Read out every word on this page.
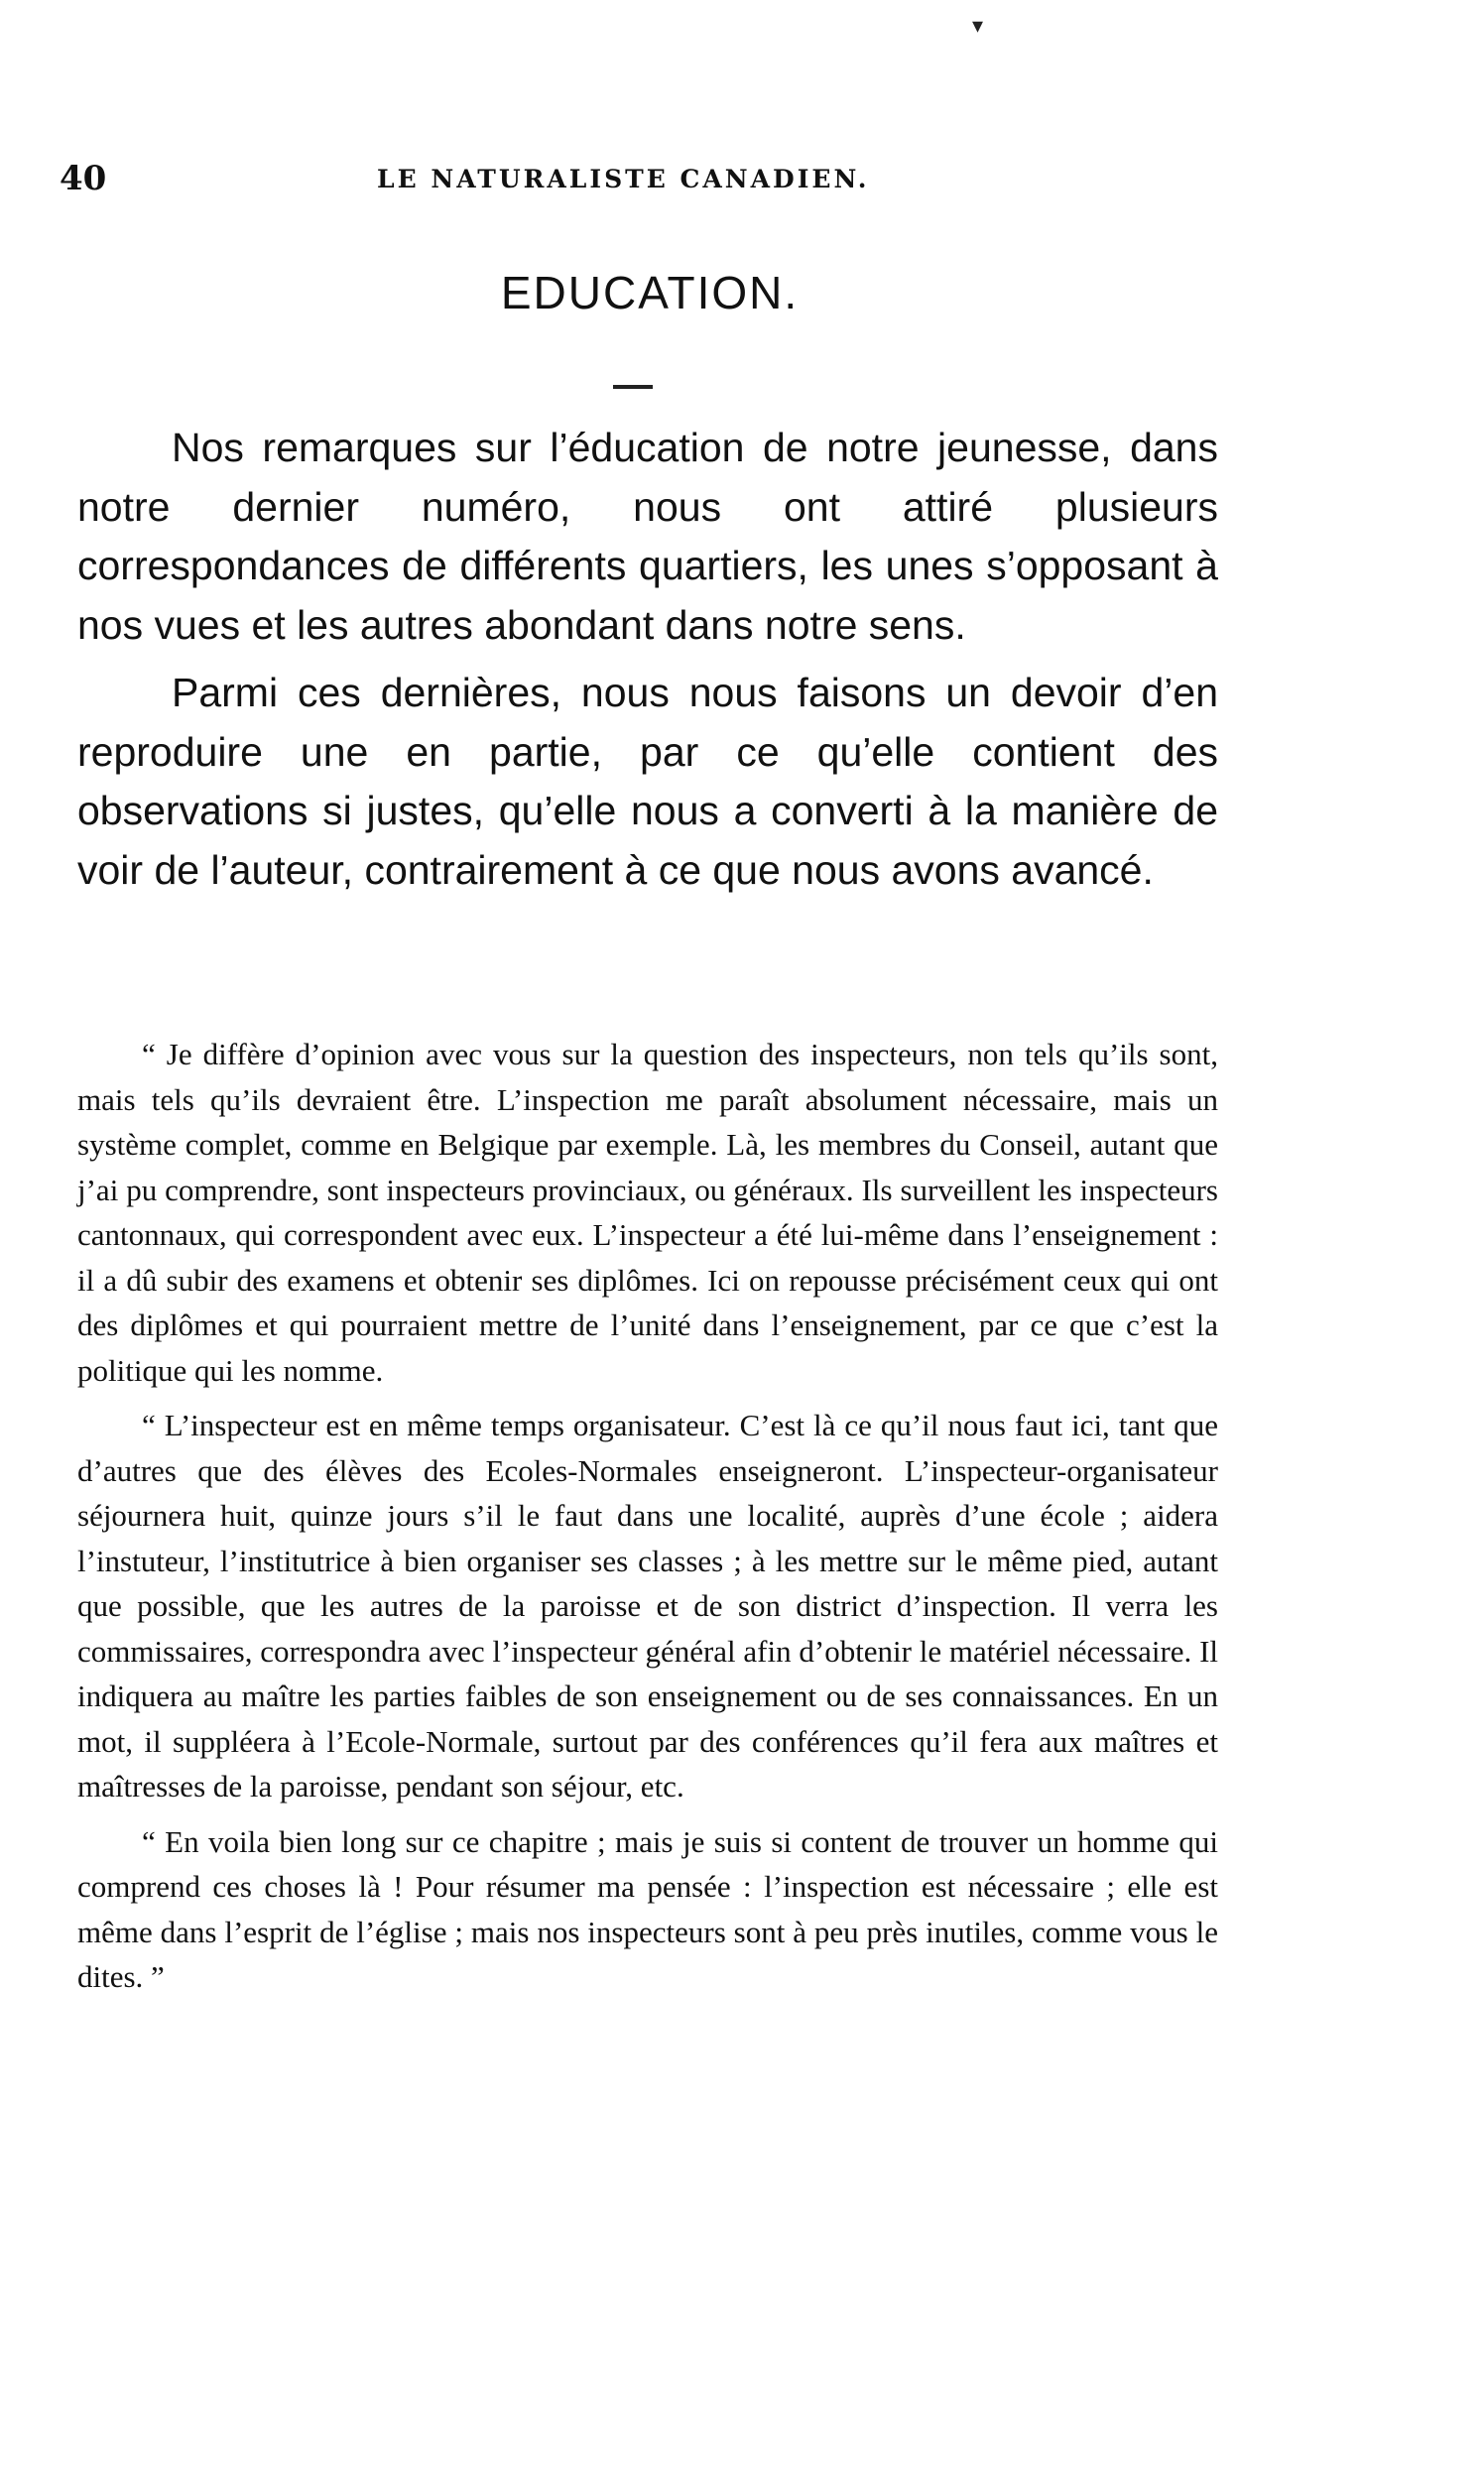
▾
40	LE NATURALISTE CANADIEN.
EDUCATION.

Nos remarques sur l’éducation de notre jeunesse, dans notre dernier numéro, nous ont attiré plusieurs correspondances de différents quartiers, les unes s’opposant à nos vues et les autres abondant dans notre sens.

Parmi ces dernières, nous nous faisons un devoir d’en reproduire une en partie, par ce qu’elle contient des observations si justes, qu’elle nous a converti à la manière de voir de l’auteur, contrairement à ce que nous avons avancé.

“ Je diffère d’opinion avec vous sur la question des inspecteurs, non tels qu’ils sont, mais tels qu’ils devraient être. L’inspection me paraît absolument nécessaire, mais un système complet, comme en Belgique par exemple. Là, les membres du Conseil, autant que j’ai pu comprendre, sont inspecteurs provinciaux, ou généraux. Ils surveillent les inspecteurs cantonnaux, qui correspondent avec eux. L’inspecteur a été lui-même dans l’enseignement : il a dû subir des examens et obtenir ses diplômes. Ici on repousse précisément ceux qui ont des diplômes et qui pourraient mettre de l’unité dans l’enseignement, par ce que c’est la politique qui les nomme.

“ L’inspecteur est en même temps organisateur. C’est là ce qu’il nous faut ici, tant que d’autres que des élèves des Ecoles-Normales enseigneront. L’inspecteur-organisateur séjournera huit, quinze jours s’il le faut dans une localité, auprès d’une école ; aidera l’instuteur, l’institutrice à bien organiser ses classes ; à les mettre sur le même pied, autant que possible, que les autres de la paroisse et de son district d’inspection. Il verra les commissaires, correspondra avec l’inspecteur général afin d’obtenir le matériel nécessaire. Il indiquera au maître les parties faibles de son enseignement ou de ses connaissances. En un mot, il suppléera à l’Ecole-Normale, surtout par des conférences qu’il fera aux maîtres et maîtresses de la paroisse, pendant son séjour, etc.

“ En voila bien long sur ce chapitre ; mais je suis si content de trouver un homme qui comprend ces choses là ! Pour résumer ma pensée : l’inspection est nécessaire ; elle est même dans l’esprit de l’église ; mais nos inspecteurs sont à peu près inutiles, comme vous le dites. ”
